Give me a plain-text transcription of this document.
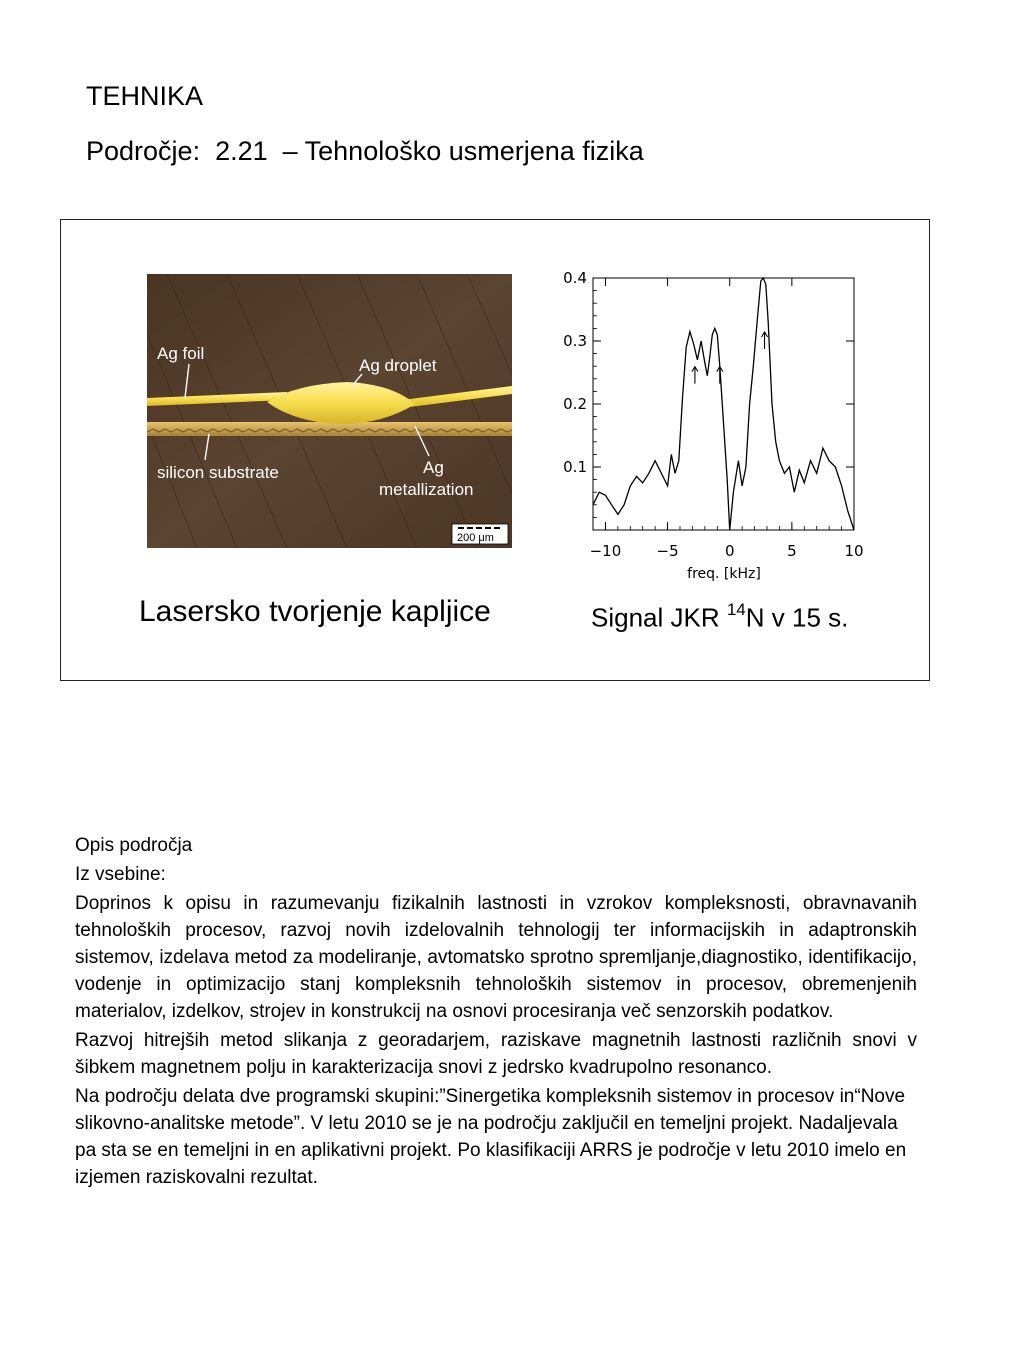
TEHNIKA
Področje:  2.21  – Tehnološko usmerjena fizika
Ag foil
Ag droplet
silicon substrate	Ag
metallization
200 μm
−10 −5	0	5	10
0.1
0.2
0.3
0.4
freq. [kHz]
Lasersko tvorjenje kapljice	Signal JKR $^{14}$N v 15 s.

Opis področja

Iz vsebine:

Doprinos k opisu in razumevanju fizikalnih lastnosti in vzrokov kompleksnosti, obravnavanih tehnoloških procesov, razvoj novih izdelovalnih tehnologij ter informacijskih in adaptronskih sistemov, izdelava metod za modeliranje, avtomatsko sprotno spremljanje,diagnostiko, identifikacijo, vodenje in optimizacijo stanj kompleksnih tehnoloških sistemov in procesov, obremenjenih materialov, izdelkov, strojev in konstrukcij na osnovi procesiranja več senzorskih podatkov.

Razvoj hitrejših metod slikanja z georadarjem, raziskave magnetnih lastnosti različnih snovi v šibkem magnetnem polju in karakterizacija snovi z jedrsko kvadrupolno resonanco.

Na področju delata dve programski skupini:”Sinergetika kompleksnih sistemov in procesov in“Nove slikovno-analitske metode”. V letu 2010 se je na področju zaključil en temeljni projekt. Nadaljevala pa sta se en temeljni in en aplikativni projekt. Po klasifikaciji ARRS je področje v letu 2010 imelo en izjemen raziskovalni rezultat.
